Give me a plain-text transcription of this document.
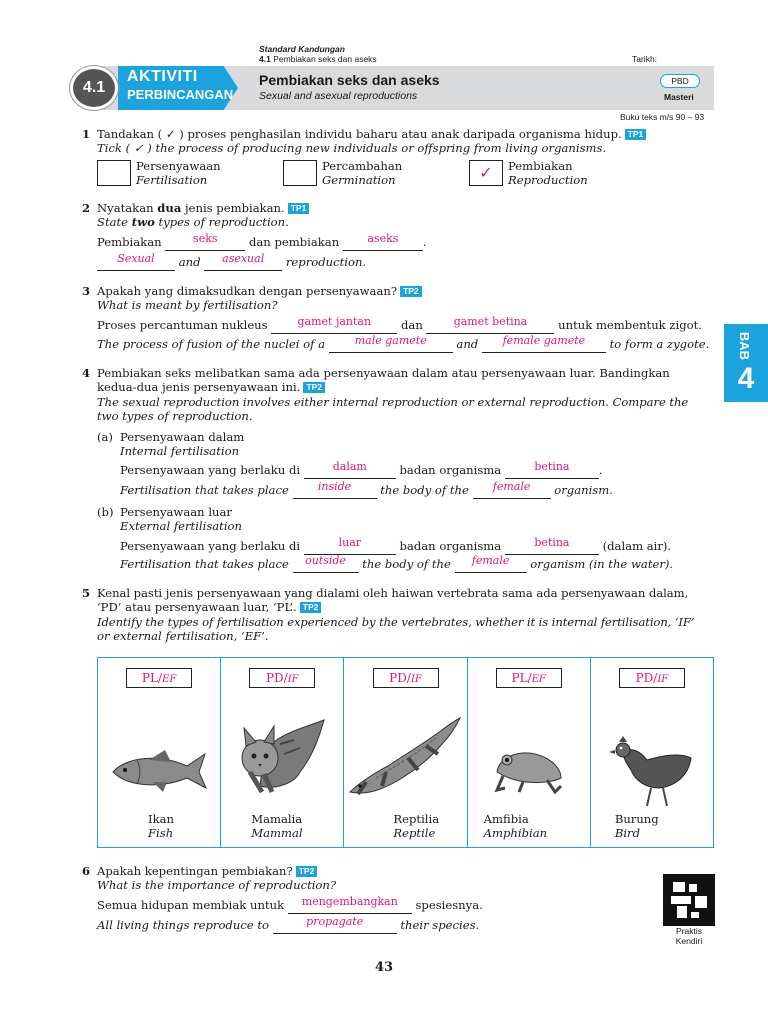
Standard Kandungan
4.1 Pembiakan seks dan aseks	Tarikh:
4.1
AKTIVITI
PERBINCANGAN
Pembiakan seks dan aseks
Sexual and asexual reproductions
PBD
Masteri
Buku teks m/s 90 – 93
BAB
4
1 Tandakan ( ✓ ) proses penghasilan individu baharu atau anak daripada organisma hidup. TP1
Tick ( ✓ ) the process of producing new individuals or offspring from living organisms.
Persenyawaan
Fertilisation
Percambahan
Germination	✓	Pembiakan
Reproduction
2 Nyatakan dua jenis pembiakan. TP1
State two types of reproduction.
Pembiakan	seks	dan pembiakan	aseks .
Sexual and asexual reproduction.
3 Apakah yang dimaksudkan dengan persenyawaan? TP2
What is meant by fertilisation?
Proses percantuman nukleus	gamet jantan	dan	gamet betina	untuk membentuk zigot.
The process of fusion of the nuclei of a	male gamete	and female gamete to form a zygote.
4 Pembiakan seks melibatkan sama ada persenyawaan dalam atau persenyawaan luar. Bandingkan
kedua-dua jenis persenyawaan ini. TP2
The sexual reproduction involves either internal reproduction or external reproduction. Compare the
two types of reproduction.
(a) Persenyawaan dalam
Internal fertilisation
Persenyawaan yang berlaku di	dalam	badan organisma	betina	.
Fertilisation that takes place	inside	the body of the female organism.
(b) Persenyawaan luar
External fertilisation
Persenyawaan yang berlaku di	luar	badan organisma	betina	(dalam air).
Fertilisation that takes place outside the body of the female organism (in the water).
5 Kenal pasti jenis persenyawaan yang dialami oleh haiwan vertebrata sama ada persenyawaan dalam,
‘PD’ atau persenyawaan luar, ‘PL’. TP2
Identify the types of fertilisation experienced by the vertebrates, whether it is internal fertilisation, ‘IF’
or external fertilisation, ‘EF’.
PL/EF
Ikan
Fish
PD/IF
Mamalia
Mammal
PD/IF
Reptilia
Reptile
PL/EF
Amfibia
Amphibian
PD/IF
Burung
Bird
6 Apakah kepentingan pembiakan? TP2
What is the importance of reproduction?
Semua hidupan membiak untuk mengembangkan spesiesnya.
All living things reproduce to	propagate	their species.	Praktis
Kendiri
43
